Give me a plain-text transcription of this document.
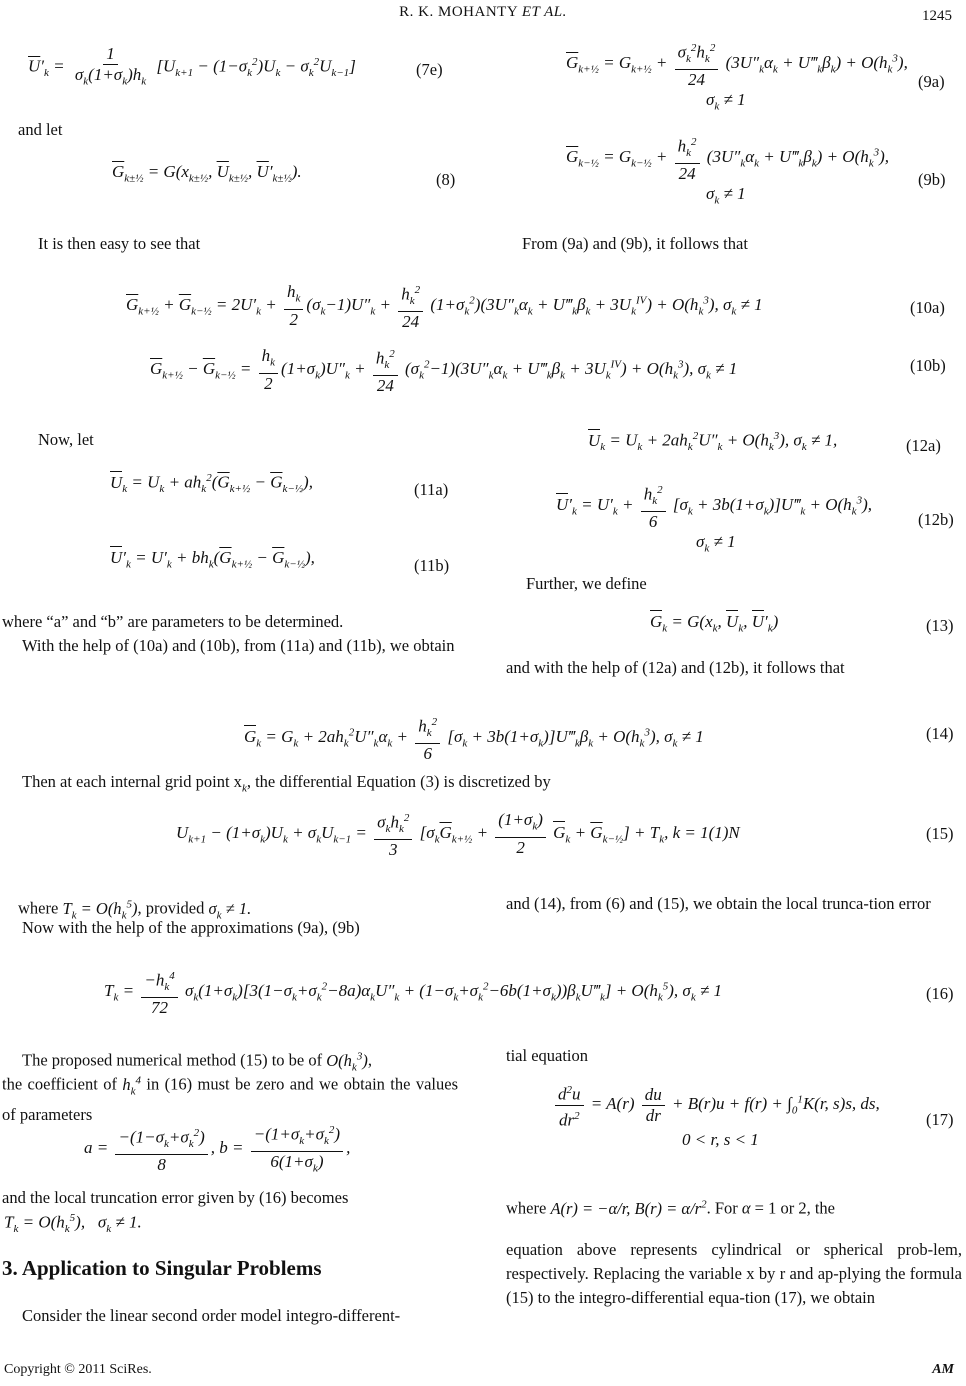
R. K. MOHANTY ET AL.	1245
$\overline{U}'_k = \frac{1}{\sigma_k(1+\sigma_k)h_k} [U_{k+1} - (1-\sigma_k^2)U_k - \sigma_k^2U_{k-1}]$	(7e)
and let
$\overline{G}_{k\pm\frac{1}{2}} = G(x_{k\pm\frac{1}{2}}$, $\overline{U}_{k\pm\frac{1}{2}}$, $\overline{U}'_{k\pm\frac{1}{2}}$).	(8)
It is then easy to see that
$\overline{G}_{k+\frac{1}{2}} = G_{k+\frac{1}{2}} + \frac{\sigma_k^2h_k^2}{24} (3U''_k\alpha_k$ + $U‴_k\beta_k) + O(h_k^3)$,
$\sigma_k \ne 1$
(9a)
$\overline{G}_{k-\frac{1}{2}} = G_{k-\frac{1}{2}} + \frac{h_k^2}{24} (3U''_k\alpha_k$ + $U‴_k\beta_k) + O(h_k^3)$,
$\sigma_k \ne 1$
(9b)
From (9a) and (9b), it follows that
$\overline{G}_{k+\frac{1}{2}} + \overline{G}_{k-\frac{1}{2}} = 2U'_k + \frac{h_k}{2} (\sigma_k-1)U''_k + \frac{h_k^2}{24} (1+\sigma_k^2)(3U''_k\alpha_k$ + $U‴_k\beta_k + 3U_k^{IV}) + O(h_k^3)$, $\sigma_k \ne 1$	(10a)
$\overline{G}_{k+\frac{1}{2}} - \overline{G}_{k-\frac{1}{2}} = \frac{h_k}{2} (1+\sigma_k)U''_k + \frac{h_k^2}{24} (\sigma_k^2-1)(3U''_k\alpha_k$ + $U‴_k\beta_k + 3U_k^{IV}) + O(h_k^3)$, $\sigma_k \ne 1$	(10b)
Now, let
$U_k = U_k + ah_k^2(\overline{G}_{k+\frac{1}{2}} - \overline{G}_{k-\frac{1}{2}})$,	(11a)
$U'_k = U'_k + bh_k(\overline{G}_{k+\frac{1}{2}} - \overline{G}_{k-\frac{1}{2}})$,	(11b)
where “a” and “b” are parameters to be determined.
With the help of (10a) and (10b), from (11a) and (11b), we obtain
$U_k = U_k + 2ah_k^2U''_k + O(h_k^3)$, $\sigma_k \ne 1$,	(12a)
$U'_k = U'_k + \frac{h_k^2}{6} [\sigma_k$ + $3b(1+\sigma_k)]U‴_k + O(h_k^3)$,
$\sigma_k \ne 1$
(12b)
Further, we define
$G_k = G(x_k$, $U_k$, $U'_k$)	(13)
and with the help of (12a) and (12b), it follows that
$G_k = G_k + 2ah_k^2U''_k\alpha_k + \frac{h_k^2}{6} [\sigma_k$ + $3b(1+\sigma_k)]U‴_k\beta_k + O(h_k^3)$, $\sigma_k \ne 1$	(14)
Then at each internal grid point $x_k$, the differential Equation (3) is discretized by
$U_{k+1} - (1+\sigma_k)U_k + \sigma_kU_{k-1} = \frac{\sigma_kh_k^2}{3} [\sigma_k\overline{G}_{k+\frac{1}{2}} + \frac{(1+\sigma_k)}{2} G_k + \overline{G}_{k-\frac{1}{2}}] + T_k$, k = 1(1)N	(15)
where $T_k = O(h_k^5)$, provided $\sigma_k \ne 1$.
Now with the help of the approximations (9a), (9b)
and (14), from (6) and (15), we obtain the local trunca-tion error
$T_k = \frac{-h_k^4}{72} \sigma_k(1+\sigma_k)[3(1-\sigma_k+\sigma_k^2-8a)\alpha_kU''_k$ + $(1-\sigma_k+\sigma_k^2-6b(1+\sigma_k))\beta_kU‴_k] + O(h_k^5)$, $\sigma_k \ne 1$	(16)
The proposed numerical method (15) to be of $O(h_k^3)$,
the coefficient of $h_k^4$ in (16) must be zero and we obtain the values of parameters
$a = \frac{-(1-\sigma_k+\sigma_k^2)}{8}$ , $b = \frac{-(1+\sigma_k+\sigma_k^2)}{6(1+\sigma_k)}$ ,
and the local truncation error given by (16) becomes
$T_k = O(h_k^5)$,   $\sigma_k \ne 1$.
3. Application to Singular Problems
Consider the linear second order model integro-different-
tial equation
$\frac{d^2u}{dr^2} = A(r) \frac{du}{dr} + B(r)u + f(r) + \int_0^1K(r$, s)s, ds,
0 < r, s < 1
(17)
where A(r) = −α/r, $B(r) = \alpha/r^2$. For α = 1 or 2, the
equation above represents cylindrical or spherical prob-lem, respectively. Replacing the variable x by r and ap-plying the formula (15) to the integro-differential equa-tion (17), we obtain
Copyright © 2011 SciRes.	AM
